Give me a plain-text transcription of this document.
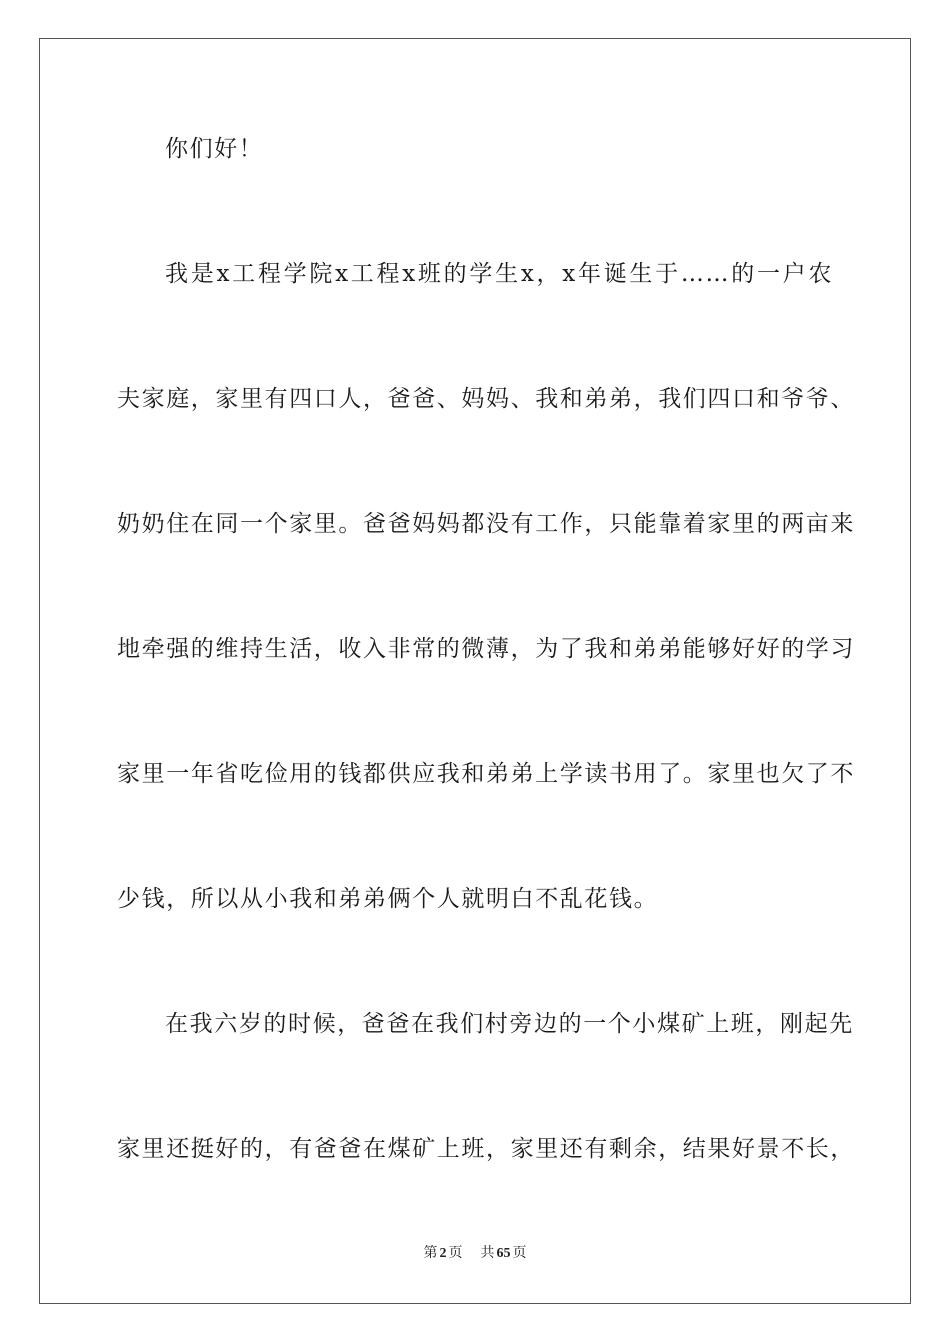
你们好！
我是x工程学院x工程x班的学生x，x年诞生于……的一户农
夫家庭，家里有四口人，爸爸、妈妈、我和弟弟，我们四口和爷爷、
奶奶住在同一个家里。爸爸妈妈都没有工作，只能靠着家里的两亩来
地牵强的维持生活，收入非常的微薄，为了我和弟弟能够好好的学习
家里一年省吃俭用的钱都供应我和弟弟上学读书用了。家里也欠了不
少钱，所以从小我和弟弟俩个人就明白不乱花钱。
在我六岁的时候，爸爸在我们村旁边的一个小煤矿上班，刚起先
家里还挺好的，有爸爸在煤矿上班，家里还有剩余，结果好景不长，
第 2 页 共 65 页
